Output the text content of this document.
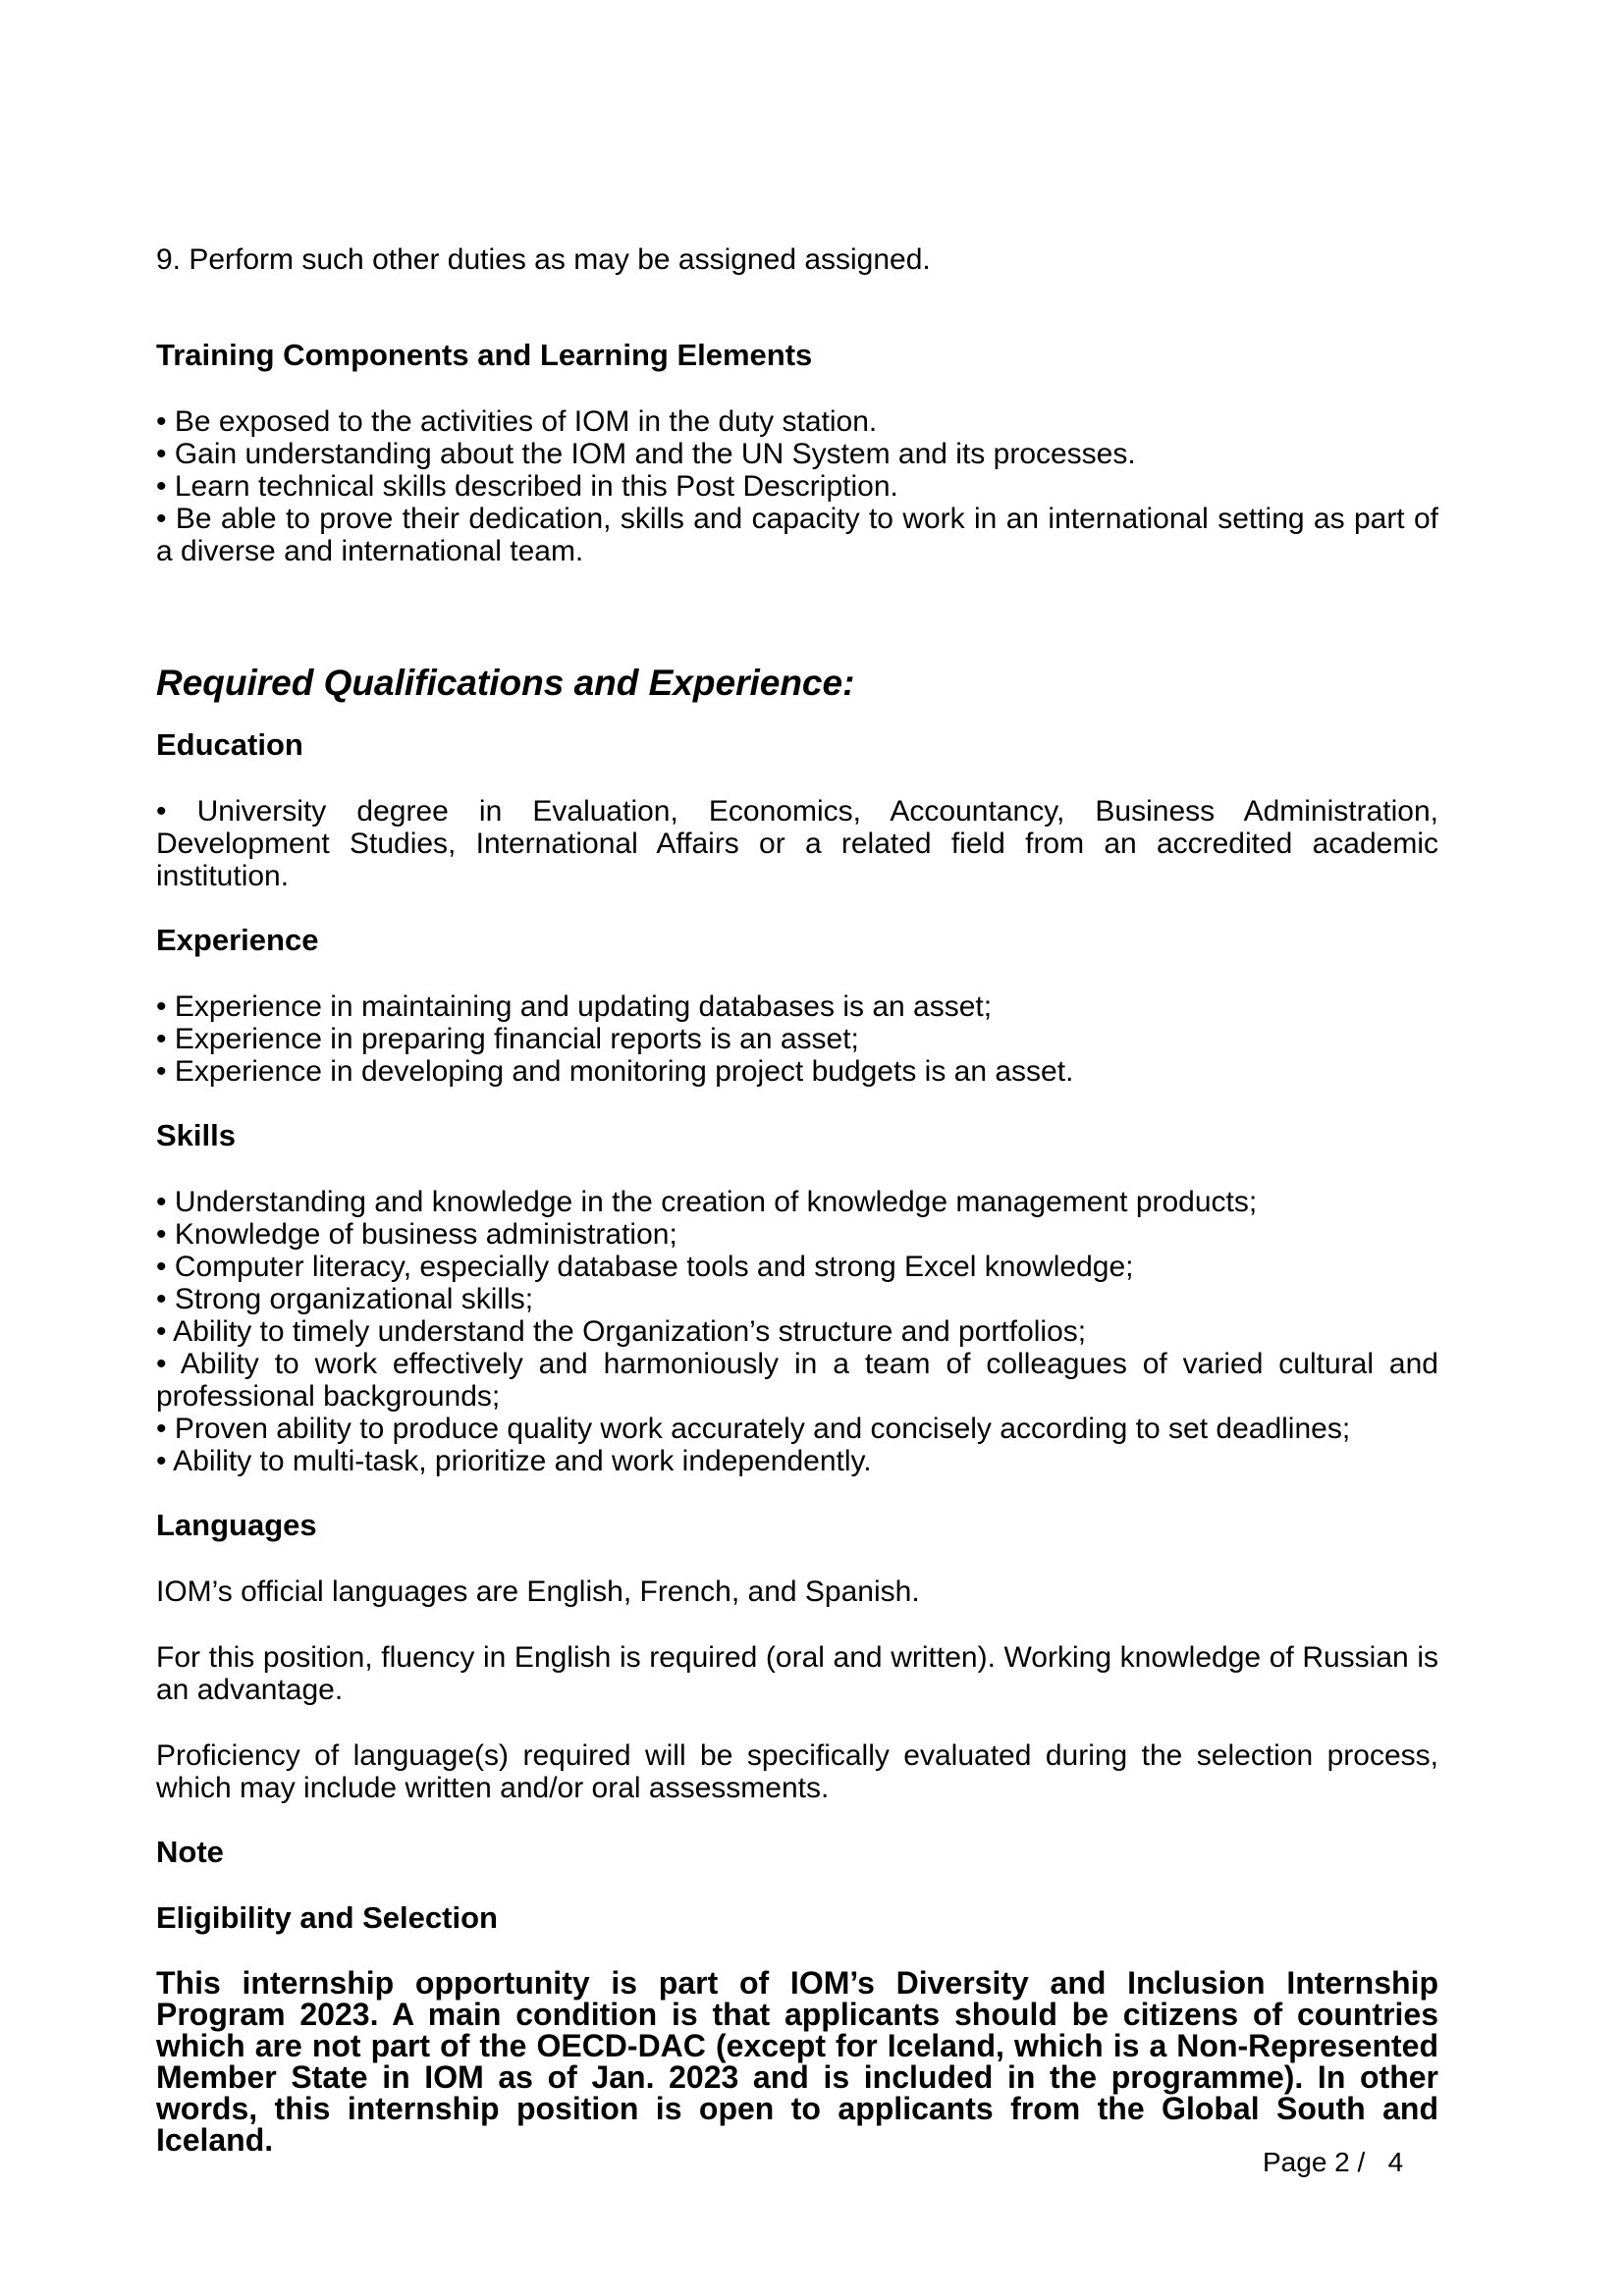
9. Perform such other duties as may be assigned assigned.

Training Components and Learning Elements

• Be exposed to the activities of IOM in the duty station.

• Gain understanding about the IOM and the UN System and its processes.

• Learn technical skills described in this Post Description.

• Be able to prove their dedication, skills and capacity to work in an international setting as part of a diverse and international team.

Required Qualifications and Experience:

Education

• University degree in Evaluation, Economics, Accountancy, Business Administration, Development Studies, International Affairs or a related field from an accredited academic institution.

Experience

• Experience in maintaining and updating databases is an asset;

• Experience in preparing financial reports is an asset;

• Experience in developing and monitoring project budgets is an asset.

Skills

• Understanding and knowledge in the creation of knowledge management products;

• Knowledge of business administration;

• Computer literacy, especially database tools and strong Excel knowledge;

• Strong organizational skills;

• Ability to timely understand the Organization’s structure and portfolios;

• Ability to work effectively and harmoniously in a team of colleagues of varied cultural and professional backgrounds;

• Proven ability to produce quality work accurately and concisely according to set deadlines;

• Ability to multi-task, prioritize and work independently.

Languages

IOM’s official languages are English, French, and Spanish.

For this position, fluency in English is required (oral and written). Working knowledge of Russian is an advantage.

Proficiency of language(s) required will be specifically evaluated during the selection process, which may include written and/or oral assessments.

Note

Eligibility and Selection

This internship opportunity is part of IOM’s Diversity and Inclusion Internship Program 2023. A main condition is that applicants should be citizens of countries which are not part of the OECD-DAC (except for Iceland, which is a Non-Represented Member State in IOM as of Jan. 2023 and is included in the programme). In other words, this internship position is open to applicants from the Global South and Iceland.

Page 2 /   4
